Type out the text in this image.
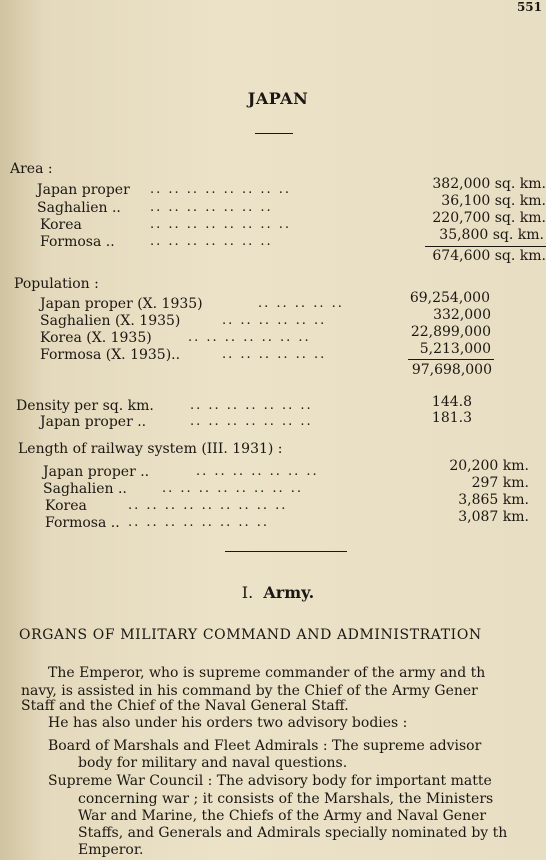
551
JAPAN
Area :
Japan proper .. .. .. .. .. .. .. ..	382,000 sq. km.
Saghalien .. .. .. .. .. .. .. ..	36,100 sq. km.
Korea	.. .. .. .. .. .. .. ..	220,700 sq. km.
Formosa ..	.. .. .. .. .. .. ..	35,800 sq. km.
674,600 sq. km.
Population :
Japan proper (X. 1935)	.. .. .. .. ..	69,254,000
Saghalien (X. 1935)	.. .. .. .. .. ..	332,000
Korea (X. 1935)	.. .. .. .. .. .. ..	22,899,000
Formosa (X. 1935)..	.. .. .. .. .. ..	5,213,000
97,698,000
Density per sq. km.	.. .. .. .. .. .. ..	144.8
Japan proper ..	.. .. .. .. .. .. ..	181.3
Length of railway system (III. 1931) :
Japan proper ..	.. .. .. .. .. .. ..	20,200 km.
Saghalien ..	.. .. .. .. .. .. .. ..	297 km.
Korea	.. .. .. .. .. .. .. .. ..	3,865 km.
Formosa .. .. .. .. .. .. .. .. ..	3,087 km.
I. Army.
ORGANS OF MILITARY COMMAND AND ADMINISTRATION
The Emperor, who is supreme commander of the army and th
navy, is assisted in his command by the Chief of the Army Gener
Staff and the Chief of the Naval General Staff.
He has also under his orders two advisory bodies :
Board of Marshals and Fleet Admirals : The supreme advisor
body for military and naval questions.
Supreme War Council : The advisory body for important matte
concerning war ; it consists of the Marshals, the Ministers
War and Marine, the Chiefs of the Army and Naval Gener
Staffs, and Generals and Admirals specially nominated by th
Emperor.
